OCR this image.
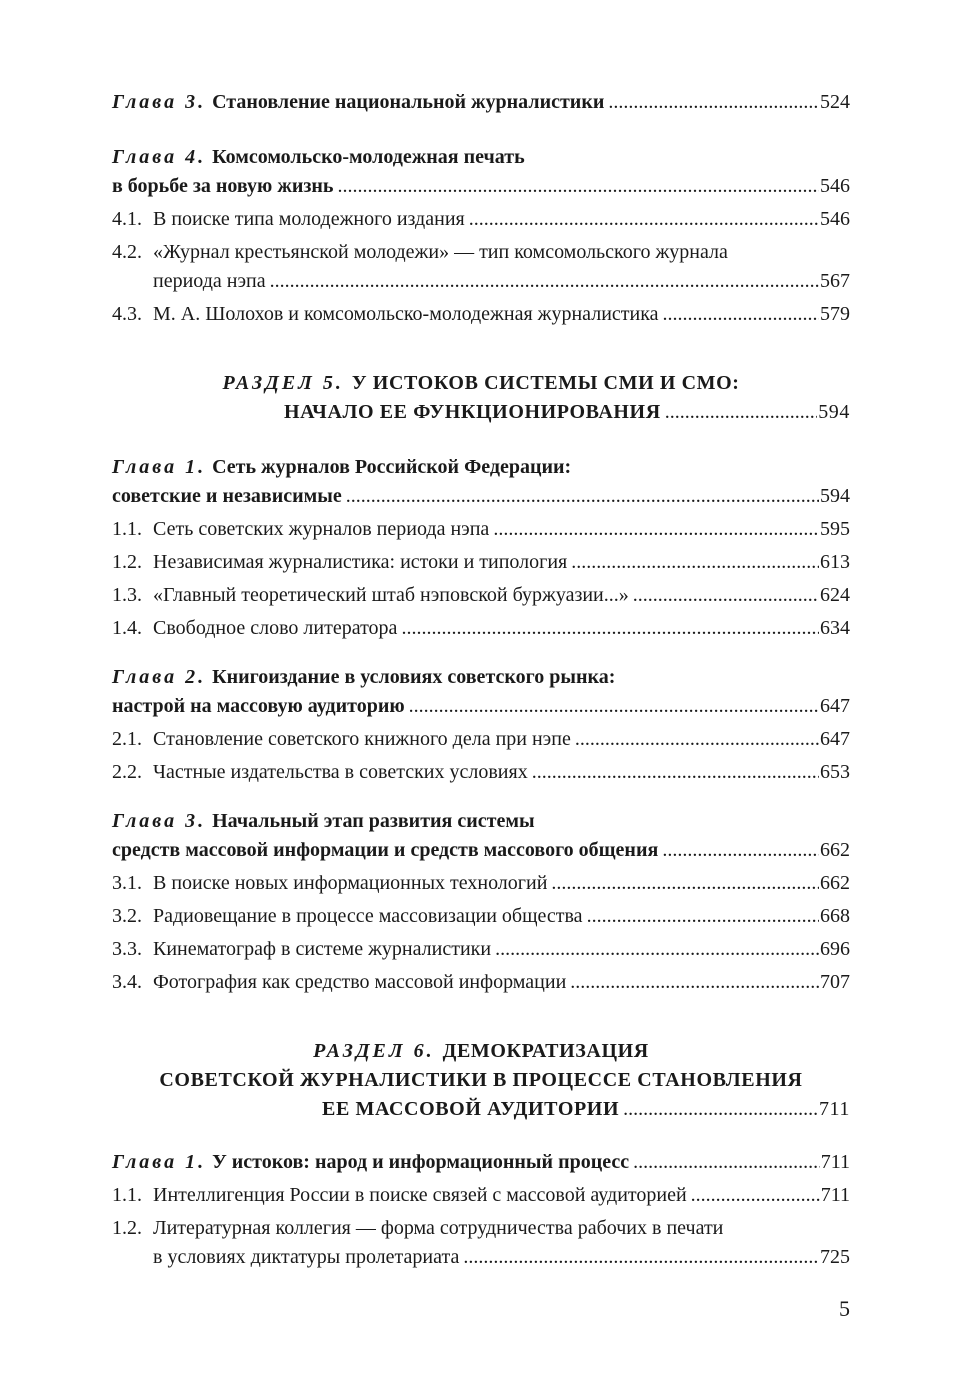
Глава 3. Становление национальной журналистики .....	524
Глава 4. Комсомольско-молодежная печать
в борьбе за новую жизнь .....	546
4.1. В поиске типа молодежного издания .....	546
4.2. «Журнал крестьянской молодежи» — тип комсомольского журнала
периода нэпа .....	567
4.3. М. А. Шолохов и комсомольско-молодежная журналистика .....	579
РАЗДЕЛ 5. У ИСТОКОВ СИСТЕМЫ СМИ И СМО:
НАЧАЛО ЕЕ ФУНКЦИОНИРОВАНИЯ .....	594
Глава 1. Сеть журналов Российской Федерации:
советские и независимые .....	594
1.1. Сеть советских журналов периода нэпа .....	595
1.2. Независимая журналистика: истоки и типология .....	613
1.3. «Главный теоретический штаб нэповской буржуазии...» .....	624
1.4. Свободное слово литератора .....	634
Глава 2. Книгоиздание в условиях советского рынка:
настрой на массовую аудиторию .....	647
2.1. Становление советского книжного дела при нэпе .....	647
2.2. Частные издательства в советских условиях .....	653
Глава 3. Начальный этап развития системы
средств массовой информации и средств массового общения .....	662
3.1. В поиске новых информационных технологий .....	662
3.2. Радиовещание в процессе массовизации общества .....	668
3.3. Кинематограф в системе журналистики .....	696
3.4. Фотография как средство массовой информации .....	707
РАЗДЕЛ 6. ДЕМОКРАТИЗАЦИЯ
СОВЕТСКОЙ ЖУРНАЛИСТИКИ В ПРОЦЕССЕ СТАНОВЛЕНИЯ
ЕЕ МАССОВОЙ АУДИТОРИИ .....	711
Глава 1. У истоков: народ и информационный процесс .....	711
1.1. Интеллигенция России в поиске связей с массовой аудиторией .....	711
1.2. Литературная коллегия — форма сотрудничества рабочих в печати
в условиях диктатуры пролетариата .....	725
5
